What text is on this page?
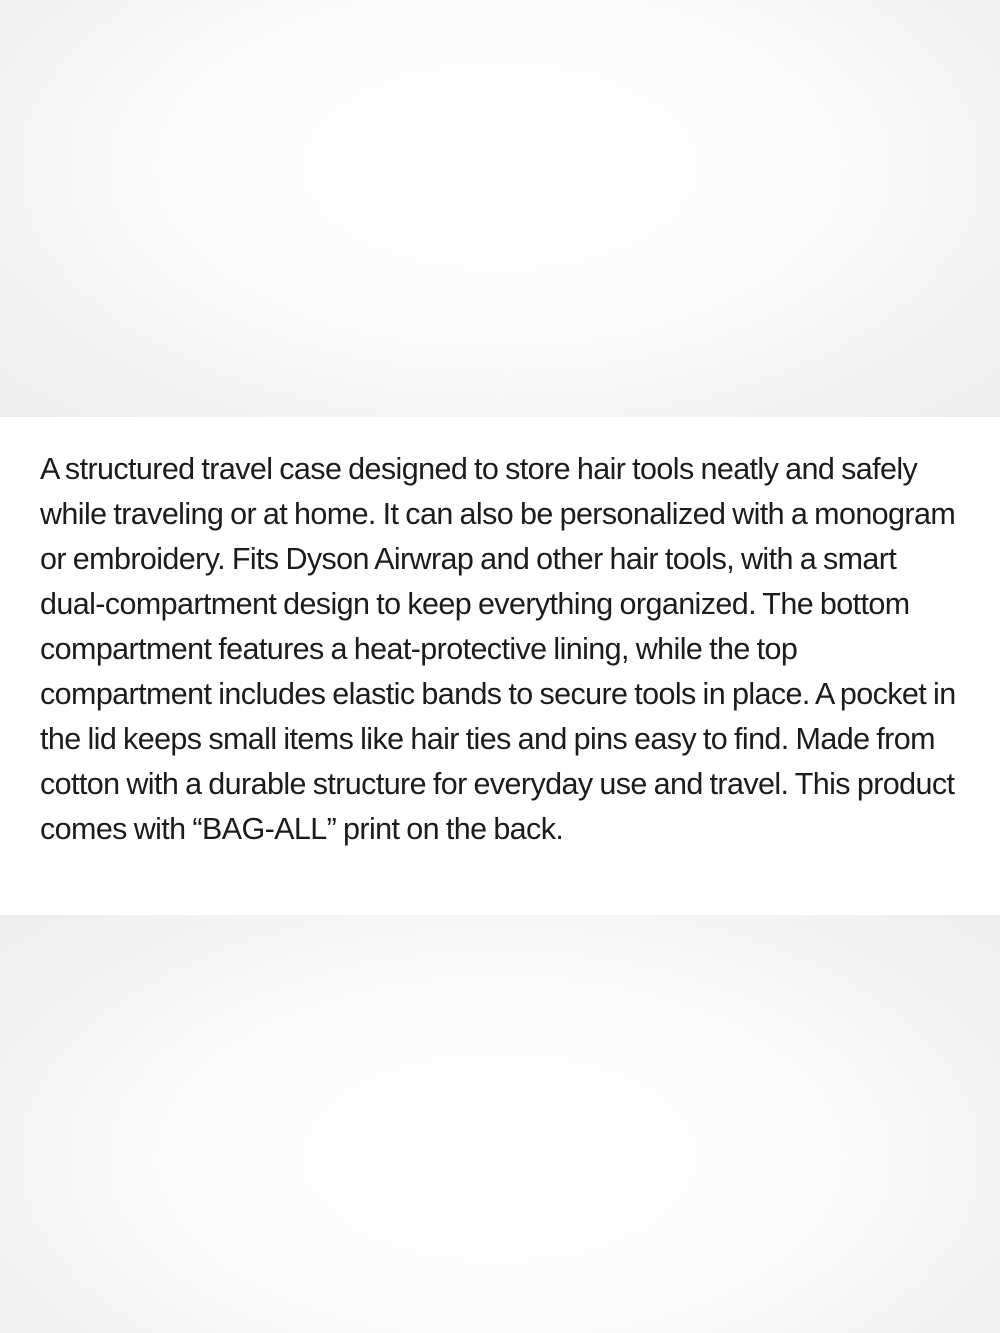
A structured travel case designed to store hair tools neatly and safely while traveling or at home. It can also be personalized with a monogram or embroidery. Fits Dyson Airwrap and other hair tools, with a smart dual-compartment design to keep everything organized. The bottom compartment features a heat-protective lining, while the top compartment includes elastic bands to secure tools in place. A pocket in the lid keeps small items like hair ties and pins easy to find. Made from cotton with a durable structure for everyday use and travel. This product comes with “BAG-ALL” print on the back.
